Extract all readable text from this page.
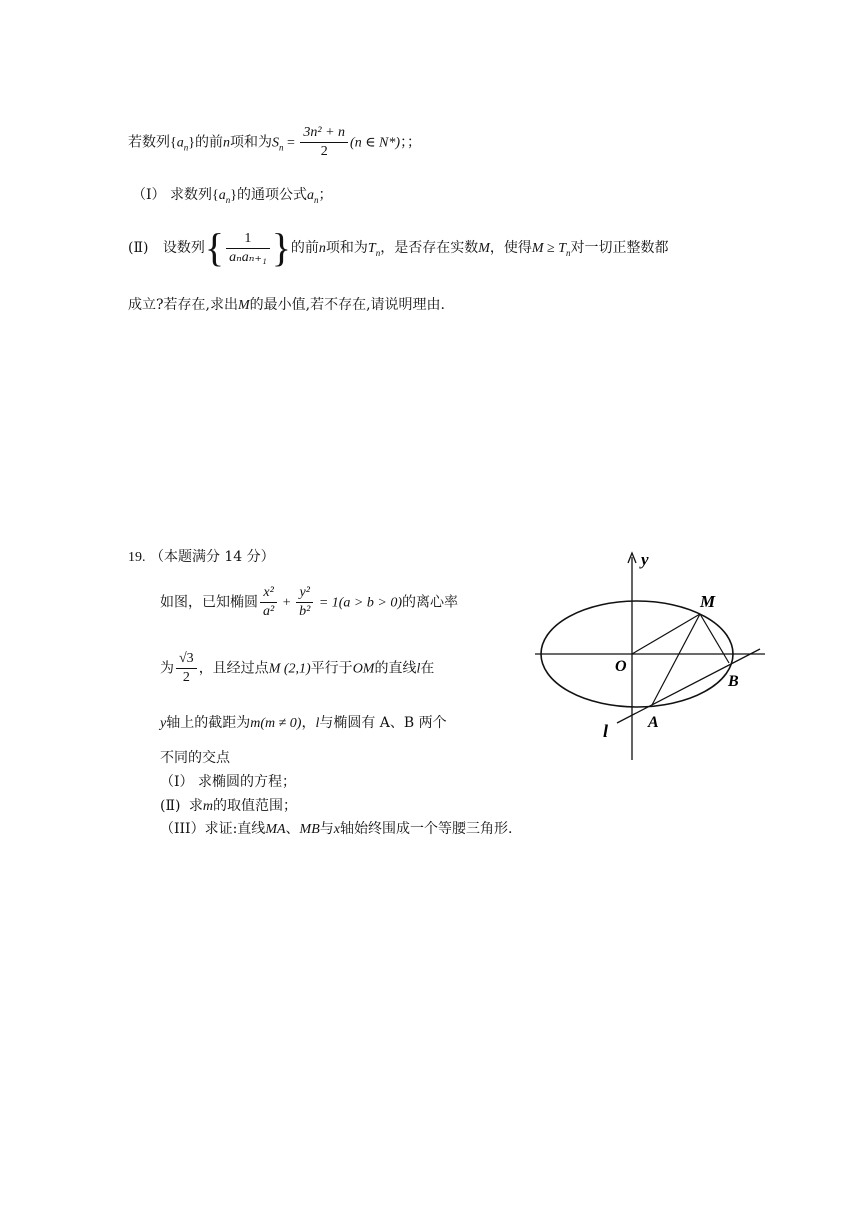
若数列$\{a_n\}$的前n项和为$S_n = \frac{\text{3n² + n}}{2} (n$ ∈ N*)；；
（Ⅰ） 求数列$\{a_n\}$的通项公式$a_n$；
(Ⅱ) 设数列{ $\frac{1}{\text{aₙaₙ₊₁}}$ }的前n项和为$T_n$，是否存在实数M，使得$M \ge T_n$对一切正整数都
成立?若存在,求出M的最小值,若不存在,请说明理由.
19. （本题满分 14 分）
如图，已知椭圆 $\frac{\text{x²}}{\text{a²}} + \frac{\text{y²}}{\text{b²}} = 1(a > b > 0)$的离心率
为 $\frac{√3}{2}$ ，且经过点M (2,1)平行于OM的直线l在
y轴上的截距为m(m ≠ 0)，l与椭圆有 A、B 两个
不同的交点
（Ⅰ） 求椭圆的方程；
(Ⅱ) 求m的取值范围；
（III）求证:直线MA、MB与x轴始终围成一个等腰三角形.
y
M
O
B
A
l
